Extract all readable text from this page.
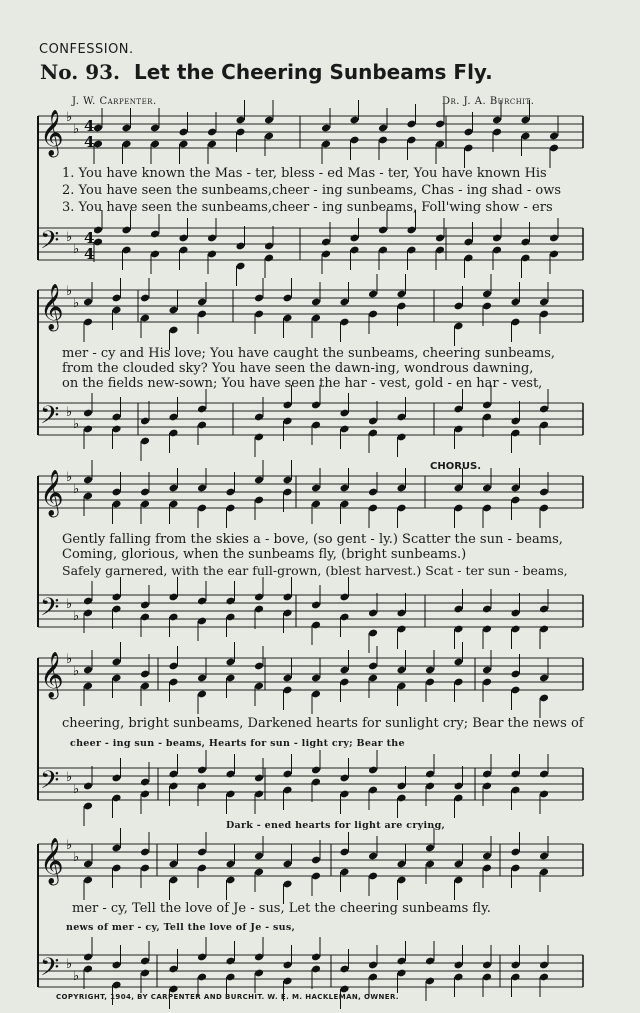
CONFESSION.
No. 93. Let the Cheering Sunbeams Fly.
J. W. Carpenter.	Dr. J. A. Burchit.
𝄞
𝄢
♭
♭
♭
♭
𝄞
𝄢
♭
♭
♭
♭
𝄞
𝄢
♭
♭
♭
♭
𝄞
𝄢
♭
♭
♭
♭
𝄞
𝄢
♭
♭
♭
♭
4
4
4
4
1. You have known the Mas - ter, bless - ed Mas - ter, You have known His
2. You have seen the sunbeams,cheer - ing sunbeams, Chas - ing shad - ows
3. You have seen the sunbeams,cheer - ing sunbeams, Foll'wing show - ers
mer - cy and His love; You have caught the sunbeams, cheering sunbeams,
from the clouded sky? You have seen the dawn-ing, wondrous dawning,
on the fields new-sown; You have seen the har - vest, gold - en har - vest,
CHORUS.
Gently falling from the skies a - bove, (so gent - ly.) Scatter the sun - beams,
Coming, glorious, when the sunbeams fly, (bright sunbeams.)
Safely garnered, with the ear full-grown, (blest harvest.) Scat - ter sun - beams,
cheering, bright sunbeams, Darkened hearts for sunlight cry; Bear the news of
cheer - ing sun - beams, Hearts for sun - light cry; Bear the
Dark - ened hearts for light are crying,
mer - cy, Tell the love of Je - sus, Let the cheering sunbeams fly.
news of mer - cy, Tell the love of Je - sus,
COPYRIGHT, 1904, BY CARPENTER AND BURCHIT. W. E. M. HACKLEMAN, OWNER.
